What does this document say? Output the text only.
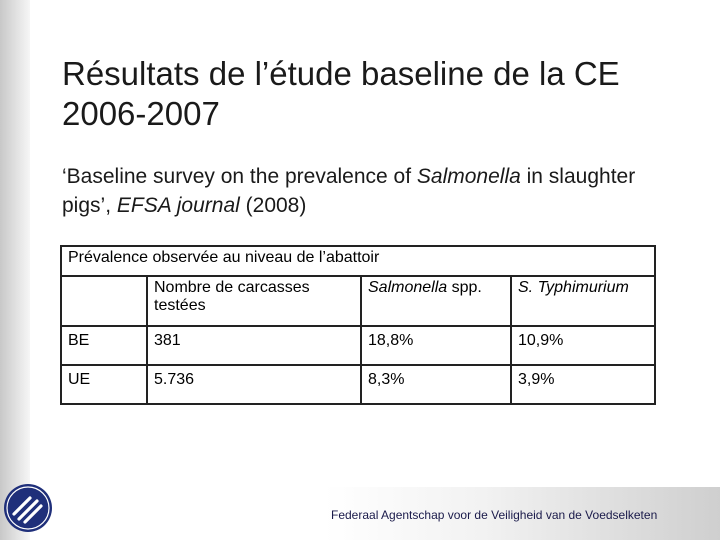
Résultats de l’étude baseline de la CE 2006-2007
‘Baseline survey on the prevalence of Salmonella in slaughter pigs’, EFSA journal (2008)
Prévalence observée au niveau de l’abattoir			
	Nombre de carcasses testées	Salmonella spp.	S. Typhimurium
BE	381	18,8%	10,9%
UE	5.736	8,3%	3,9%
Federaal Agentschap voor de Veiligheid van de Voedselketen
